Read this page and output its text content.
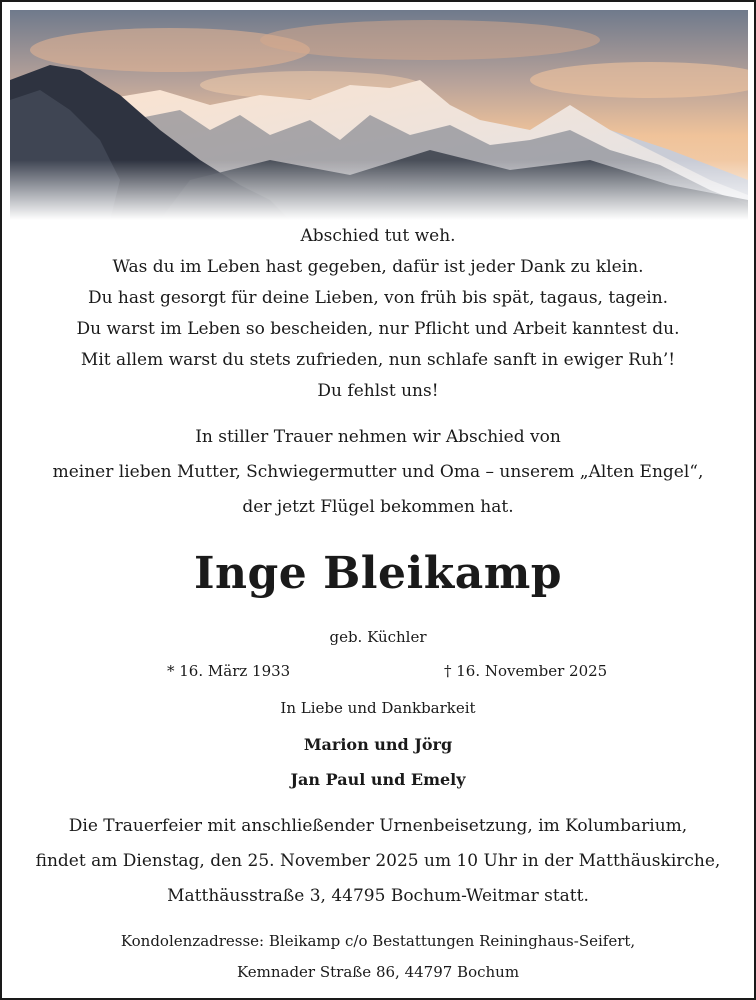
Abschied tut weh.
Was du im Leben hast gegeben, dafür ist jeder Dank zu klein.
Du hast gesorgt für deine Lieben, von früh bis spät, tagaus, tagein.
Du warst im Leben so bescheiden, nur Pflicht und Arbeit kanntest du.
Mit allem warst du stets zufrieden, nun schlafe sanft in ewiger Ruh’!
Du fehlst uns!
In stiller Trauer nehmen wir Abschied von
meiner lieben Mutter, Schwiegermutter und Oma – unserem „Alten Engel“,
der jetzt Flügel bekommen hat.
Inge Bleikamp
geb. Küchler
* 16. März 1933	† 16. November 2025
In Liebe und Dankbarkeit
Marion und Jörg
Jan Paul und Emely
Die Trauerfeier mit anschließender Urnenbeisetzung, im Kolumbarium,
findet am Dienstag, den 25. November 2025 um 10 Uhr in der Matthäuskirche,
Matthäusstraße 3, 44795 Bochum-Weitmar statt.
Kondolenzadresse: Bleikamp c/o Bestattungen Reininghaus-Seifert,
Kemnader Straße 86, 44797 Bochum
